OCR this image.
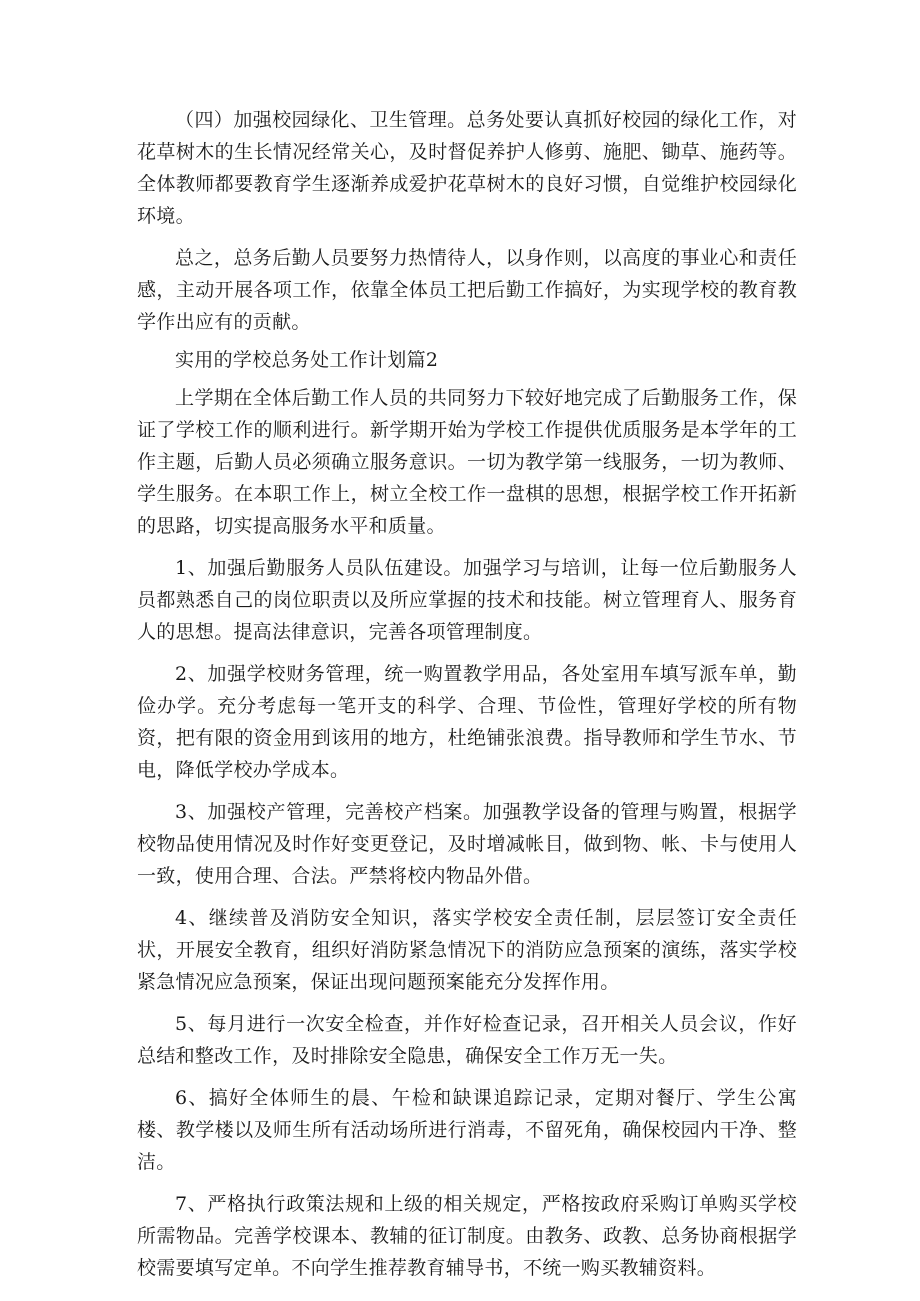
（四）加强校园绿化、卫生管理。总务处要认真抓好校园的绿化工作，对花草树木的生长情况经常关心，及时督促养护人修剪、施肥、锄草、施药等。全体教师都要教育学生逐渐养成爱护花草树木的良好习惯，自觉维护校园绿化环境。

总之，总务后勤人员要努力热情待人，以身作则，以高度的事业心和责任感，主动开展各项工作，依靠全体员工把后勤工作搞好，为实现学校的教育教学作出应有的贡献。

实用的学校总务处工作计划篇2

上学期在全体后勤工作人员的共同努力下较好地完成了后勤服务工作，保证了学校工作的顺利进行。新学期开始为学校工作提供优质服务是本学年的工作主题，后勤人员必须确立服务意识。一切为教学第一线服务，一切为教师、学生服务。在本职工作上，树立全校工作一盘棋的思想，根据学校工作开拓新的思路，切实提高服务水平和质量。

1、加强后勤服务人员队伍建设。加强学习与培训，让每一位后勤服务人员都熟悉自己的岗位职责以及所应掌握的技术和技能。树立管理育人、服务育人的思想。提高法律意识，完善各项管理制度。

2、加强学校财务管理，统一购置教学用品，各处室用车填写派车单，勤俭办学。充分考虑每一笔开支的科学、合理、节俭性，管理好学校的所有物资，把有限的资金用到该用的地方，杜绝铺张浪费。指导教师和学生节水、节电，降低学校办学成本。

3、加强校产管理，完善校产档案。加强教学设备的管理与购置，根据学校物品使用情况及时作好变更登记，及时增减帐目，做到物、帐、卡与使用人一致，使用合理、合法。严禁将校内物品外借。

4、继续普及消防安全知识，落实学校安全责任制，层层签订安全责任状，开展安全教育，组织好消防紧急情况下的消防应急预案的演练，落实学校紧急情况应急预案，保证出现问题预案能充分发挥作用。

5、每月进行一次安全检查，并作好检查记录，召开相关人员会议，作好总结和整改工作，及时排除安全隐患，确保安全工作万无一失。

6、搞好全体师生的晨、午检和缺课追踪记录，定期对餐厅、学生公寓楼、教学楼以及师生所有活动场所进行消毒，不留死角，确保校园内干净、整洁。

7、严格执行政策法规和上级的相关规定，严格按政府采购订单购买学校所需物品。完善学校课本、教辅的征订制度。由教务、政教、总务协商根据学校需要填写定单。不向学生推荐教育辅导书，不统一购买教辅资料。
